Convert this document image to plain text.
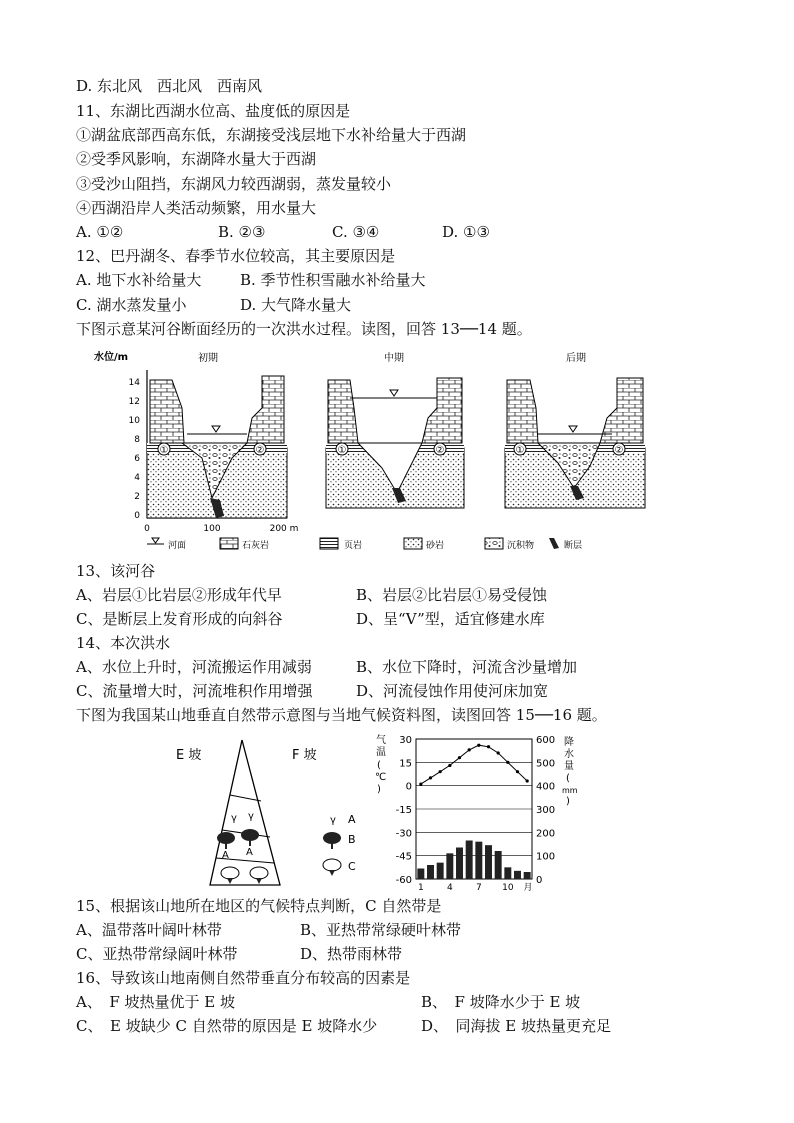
D. 东北风　西北风　西南风
11、东湖比西湖水位高、盐度低的原因是
①湖盆底部西高东低，东湖接受浅层地下水补给量大于西湖
②受季风影响，东湖降水量大于西湖
③受沙山阻挡，东湖风力较西湖弱，蒸发量较小
④西湖沿岸人类活动频繁，用水量大
A. ①②	B. ②③	C. ③④	D. ①③
12、巴丹湖冬、春季节水位较高，其主要原因是
A. 地下水补给量大	B. 季节性积雪融水补给量大
C. 湖水蒸发量小	D. 大气降水量大
下图示意某河谷断面经历的一次洪水过程。读图，回答 13──14 题。
水位/m
14
12
10
8
6
4
2
0
0	100	200 m
初期
①	②
中期
①	②
后期
①	②
河面	石灰岩	页岩	砂岩	沉积物	断层
13、该河谷
A、岩层①比岩层②形成年代早	B、岩层②比岩层①易受侵蚀
C、是断层上发育形成的向斜谷	D、呈“V”型，适宜修建水库
14、本次洪水
A、水位上升时，河流搬运作用减弱	B、水位下降时，河流含沙量增加
C、流量增大时，河流堆积作用增强	D、河流侵蚀作用使河床加宽
下图为我国某山地垂直自然带示意图与当地气候资料图，读图回答 15──16 题。
E 坡	F 坡
γ γ
A A
γ A
B
C
气
温
(
℃
)
降
水
量
(
mm
)
30
15
0
-15
-30
-45
-60
600
500
400
300
200
100
0
1	4	7 10 月
15、根据该山地所在地区的气候特点判断，C 自然带是
A、温带落叶阔叶林带	B、亚热带常绿硬叶林带
C、亚热带常绿阔叶林带	D、热带雨林带
16、导致该山地南侧自然带垂直分布较高的因素是
A、　F 坡热量优于 E 坡	B、　F 坡降水少于 E 坡
C、　E 坡缺少 C 自然带的原因是 E 坡降水少	D、　同海拔 E 坡热量更充足
